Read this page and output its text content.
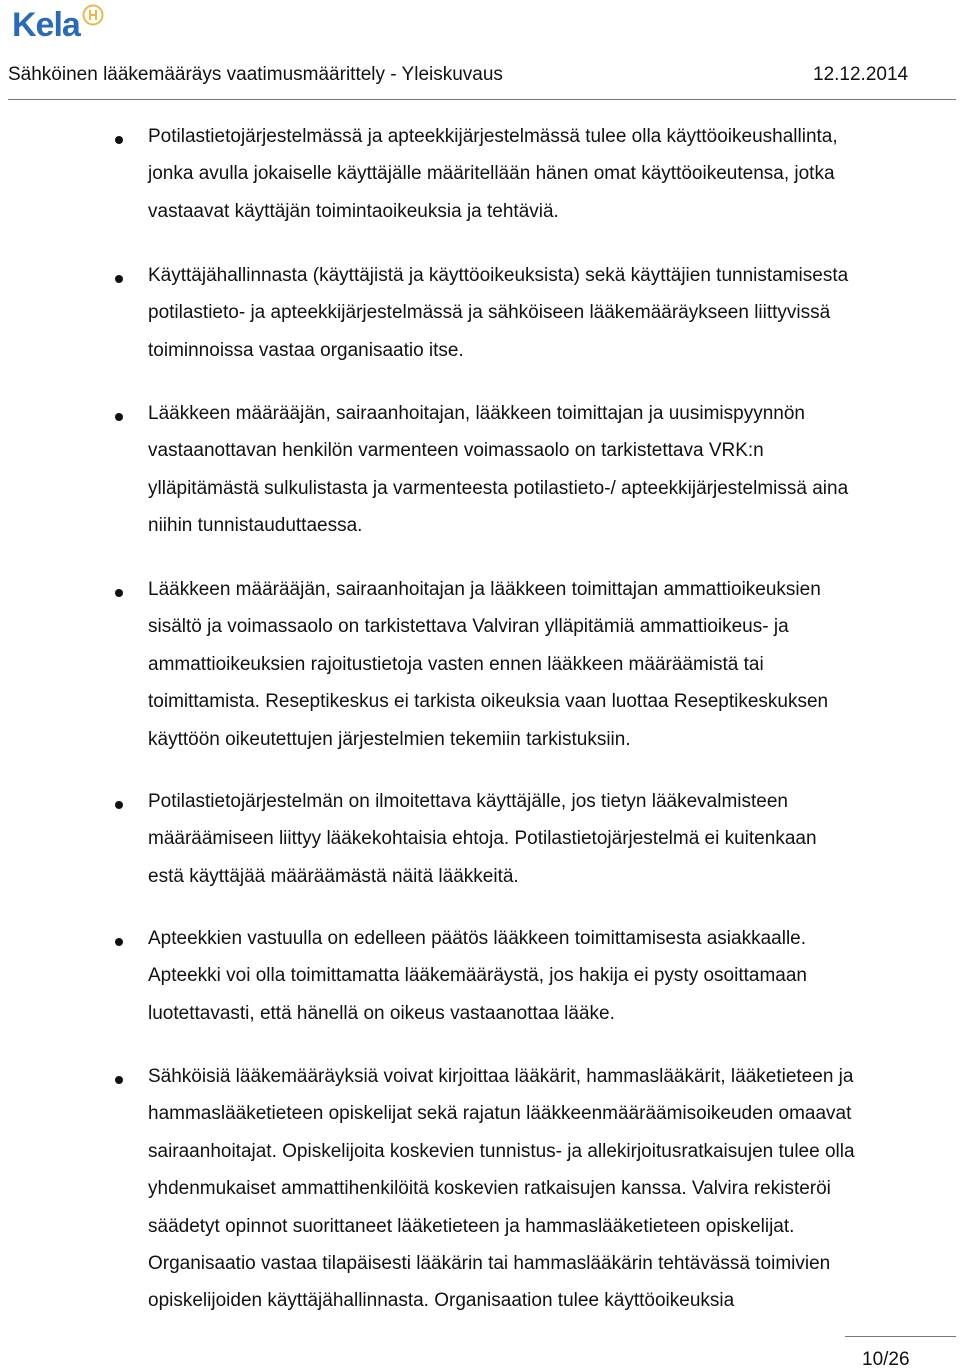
Kela
Sähköinen lääkemääräys vaatimusmäärittely - Yleiskuvaus	12.12.2014
Potilastietojärjestelmässä ja apteekkijärjestelmässä tulee olla käyttöoikeushallinta,
jonka avulla jokaiselle käyttäjälle määritellään hänen omat käyttöoikeutensa, jotka
vastaavat käyttäjän toimintaoikeuksia ja tehtäviä.
Käyttäjähallinnasta (käyttäjistä ja käyttöoikeuksista) sekä käyttäjien tunnistamisesta
potilastieto- ja apteekkijärjestelmässä ja sähköiseen lääkemääräykseen liittyvissä
toiminnoissa vastaa organisaatio itse.
Lääkkeen määrääjän, sairaanhoitajan, lääkkeen toimittajan ja uusimispyynnön
vastaanottavan henkilön varmenteen voimassaolo on tarkistettava VRK:n
ylläpitämästä sulkulistasta ja varmenteesta potilastieto-/ apteekkijärjestelmissä aina
niihin tunnistauduttaessa.
Lääkkeen määrääjän, sairaanhoitajan ja lääkkeen toimittajan ammattioikeuksien
sisältö ja voimassaolo on tarkistettava Valviran ylläpitämiä ammattioikeus- ja
ammattioikeuksien rajoitustietoja vasten ennen lääkkeen määräämistä tai
toimittamista. Reseptikeskus ei tarkista oikeuksia vaan luottaa Reseptikeskuksen
käyttöön oikeutettujen järjestelmien tekemiin tarkistuksiin.
Potilastietojärjestelmän on ilmoitettava käyttäjälle, jos tietyn lääkevalmisteen
määräämiseen liittyy lääkekohtaisia ehtoja. Potilastietojärjestelmä ei kuitenkaan
estä käyttäjää määräämästä näitä lääkkeitä.
Apteekkien vastuulla on edelleen päätös lääkkeen toimittamisesta asiakkaalle.
Apteekki voi olla toimittamatta lääkemääräystä, jos hakija ei pysty osoittamaan
luotettavasti, että hänellä on oikeus vastaanottaa lääke.
Sähköisiä lääkemääräyksiä voivat kirjoittaa lääkärit, hammaslääkärit, lääketieteen ja
hammaslääketieteen opiskelijat sekä rajatun lääkkeenmääräämisoikeuden omaavat
sairaanhoitajat. Opiskelijoita koskevien tunnistus- ja allekirjoitusratkaisujen tulee olla
yhdenmukaiset ammattihenkilöitä koskevien ratkaisujen kanssa. Valvira rekisteröi
säädetyt opinnot suorittaneet lääketieteen ja hammaslääketieteen opiskelijat.
Organisaatio vastaa tilapäisesti lääkärin tai hammaslääkärin tehtävässä toimivien
opiskelijoiden käyttäjähallinnasta. Organisaation tulee käyttöoikeuksia
10/26
